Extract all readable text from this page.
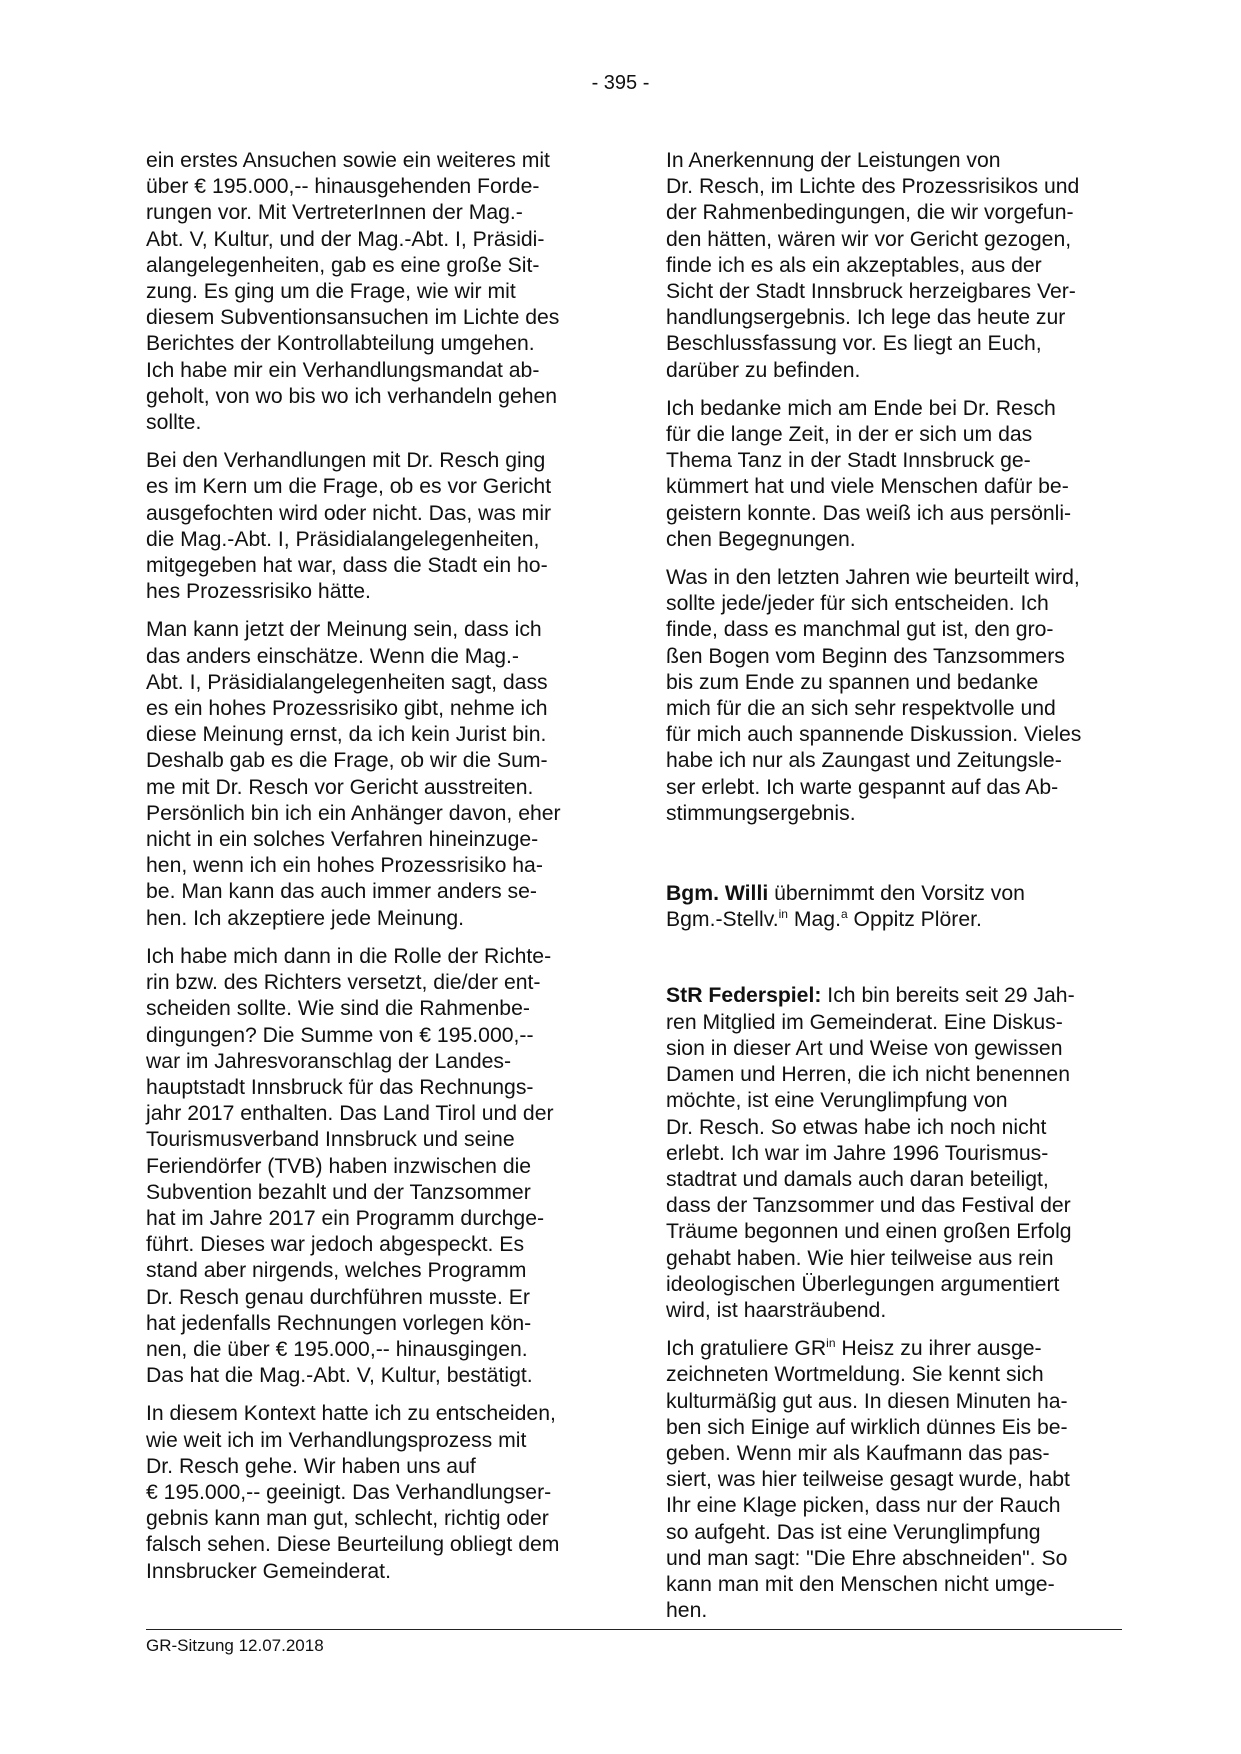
- 395 -

ein erstes Ansuchen sowie ein weiteres mit
über € 195.000,-- hinausgehenden Forde-
rungen vor. Mit VertreterInnen der Mag.-
Abt. V, Kultur, und der Mag.-Abt. I, Präsidi-
alangelegenheiten, gab es eine große Sit-
zung. Es ging um die Frage, wie wir mit
diesem Subventionsansuchen im Lichte des
Berichtes der Kontrollabteilung umgehen.
Ich habe mir ein Verhandlungsmandat ab-
geholt, von wo bis wo ich verhandeln gehen
sollte.

Bei den Verhandlungen mit Dr. Resch ging
es im Kern um die Frage, ob es vor Gericht
ausgefochten wird oder nicht. Das, was mir
die Mag.-Abt. I, Präsidialangelegenheiten,
mitgegeben hat war, dass die Stadt ein ho-
hes Prozessrisiko hätte.

Man kann jetzt der Meinung sein, dass ich
das anders einschätze. Wenn die Mag.-
Abt. I, Präsidialangelegenheiten sagt, dass
es ein hohes Prozessrisiko gibt, nehme ich
diese Meinung ernst, da ich kein Jurist bin.
Deshalb gab es die Frage, ob wir die Sum-
me mit Dr. Resch vor Gericht ausstreiten.
Persönlich bin ich ein Anhänger davon, eher
nicht in ein solches Verfahren hineinzuge-
hen, wenn ich ein hohes Prozessrisiko ha-
be. Man kann das auch immer anders se-
hen. Ich akzeptiere jede Meinung.

Ich habe mich dann in die Rolle der Richte-
rin bzw. des Richters versetzt, die/der ent-
scheiden sollte. Wie sind die Rahmenbe-
dingungen? Die Summe von € 195.000,--
war im Jahresvoranschlag der Landes-
hauptstadt Innsbruck für das Rechnungs-
jahr 2017 enthalten. Das Land Tirol und der
Tourismusverband Innsbruck und seine
Feriendörfer (TVB) haben inzwischen die
Subvention bezahlt und der Tanzsommer
hat im Jahre 2017 ein Programm durchge-
führt. Dieses war jedoch abgespeckt. Es
stand aber nirgends, welches Programm
Dr. Resch genau durchführen musste. Er
hat jedenfalls Rechnungen vorlegen kön-
nen, die über € 195.000,-- hinausgingen.
Das hat die Mag.-Abt. V, Kultur, bestätigt.

In diesem Kontext hatte ich zu entscheiden,
wie weit ich im Verhandlungsprozess mit
Dr. Resch gehe. Wir haben uns auf
€ 195.000,-- geeinigt. Das Verhandlungser-
gebnis kann man gut, schlecht, richtig oder
falsch sehen. Diese Beurteilung obliegt dem
Innsbrucker Gemeinderat.

In Anerkennung der Leistungen von
Dr. Resch, im Lichte des Prozessrisikos und
der Rahmenbedingungen, die wir vorgefun-
den hätten, wären wir vor Gericht gezogen,
finde ich es als ein akzeptables, aus der
Sicht der Stadt Innsbruck herzeigbares Ver-
handlungsergebnis. Ich lege das heute zur
Beschlussfassung vor. Es liegt an Euch,
darüber zu befinden.

Ich bedanke mich am Ende bei Dr. Resch
für die lange Zeit, in der er sich um das
Thema Tanz in der Stadt Innsbruck ge-
kümmert hat und viele Menschen dafür be-
geistern konnte. Das weiß ich aus persönli-
chen Begegnungen.

Was in den letzten Jahren wie beurteilt wird,
sollte jede/jeder für sich entscheiden. Ich
finde, dass es manchmal gut ist, den gro-
ßen Bogen vom Beginn des Tanzsommers
bis zum Ende zu spannen und bedanke
mich für die an sich sehr respektvolle und
für mich auch spannende Diskussion. Vieles
habe ich nur als Zaungast und Zeitungsle-
ser erlebt. Ich warte gespannt auf das Ab-
stimmungsergebnis.

Bgm. Willi übernimmt den Vorsitz von
Bgm.-Stellv.$^{in}$ Mag.$^a$ Oppitz Plörer.

StR Federspiel: Ich bin bereits seit 29 Jah-
ren Mitglied im Gemeinderat. Eine Diskus-
sion in dieser Art und Weise von gewissen
Damen und Herren, die ich nicht benennen
möchte, ist eine Verunglimpfung von
Dr. Resch. So etwas habe ich noch nicht
erlebt. Ich war im Jahre 1996 Tourismus-
stadtrat und damals auch daran beteiligt,
dass der Tanzsommer und das Festival der
Träume begonnen und einen großen Erfolg
gehabt haben. Wie hier teilweise aus rein
ideologischen Überlegungen argumentiert
wird, ist haarsträubend.

Ich gratuliere $GR^{in}$ Heisz zu ihrer ausge-
zeichneten Wortmeldung. Sie kennt sich
kulturmäßig gut aus. In diesen Minuten ha-
ben sich Einige auf wirklich dünnes Eis be-
geben. Wenn mir als Kaufmann das pas-
siert, was hier teilweise gesagt wurde, habt
Ihr eine Klage picken, dass nur der Rauch
so aufgeht. Das ist eine Verunglimpfung
und man sagt: "Die Ehre abschneiden". So
kann man mit den Menschen nicht umge-
hen.

GR-Sitzung 12.07.2018
